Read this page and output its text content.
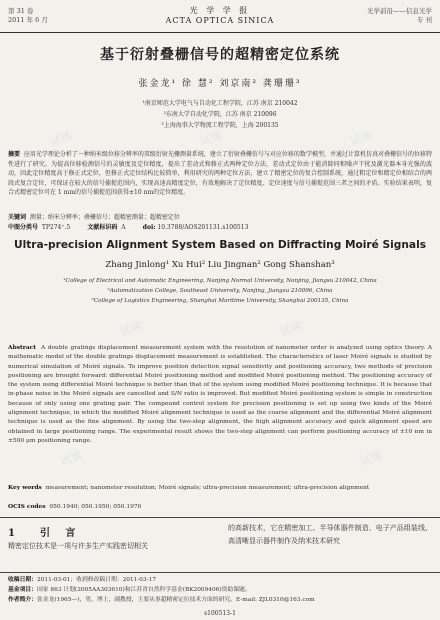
第 31 卷
2011 年 6 月
光 学 学 报
ACTA OPTICA SINICA
光学前沿——信息光学
专 刊
基于衍射叠栅信号的超精密定位系统
张金龙¹ 徐 慧² 刘京南² 龚珊珊³
¹南京师范大学电气与自动化工程学院，江苏 南京 210042
²东南大学自动化学院，江苏 南京 210096
³上海海事大学物流工程学院，上海 200135
摘要 应用光学理论分析了一种纳米级位移分辨率的双级衍射光栅测量系统，建立了衍射叠栅信号与对应位移的数学模型，并通过计算机仿真对叠栅信号的位移特性进行了研究。为提高位移检测信号的灵敏度及定位精度，提出了差动式和修正式两种定位方法，差动式定位由于能消除同相噪声干扰及激光器本身光强的波动，因此定位精度高于修正式定位，但修正式定位结构比较简单，利用研究的两种定位方法，建立了精密定位的复合控制系统，通过粗定位和精定位相结合的两段式复合定位，可保证在较大的信号捕捉范围内，实现高速高精度定位，有效地解决了定位精度、定位速度与信号捕捉范围三者之间的矛盾。实验结果表明，复合式精密定位可在 1 mm的信号捕捉范围获得±10 nm的定位精度。
关键词 测量；纳米分辨率；叠栅信号；超精密测量；超精密定位
中图分类号 TP274⁺.5	文献标识码 A	doi: 10.3788/AOS201131.s100513
Ultra-precision Alignment System Based on Diffracting Moiré Signals
Zhang Jinlong¹ Xu Hui² Liu Jingnan² Gong Shanshan³
¹College of Electrical and Automatic Engineering, Nanjing Normal University, Nanjing, Jiangsu 210042, China
²Automatization College, Southeast University, Nanjing, Jiangsu 210096, China
³College of Logistics Engineering, Shanghai Maritime University, Shanghai 200135, China
Abstract A double gratings displacement measurement system with the resolution of nanometer order is analyzed using optics theory. A mathematic model of the double gratings displacement measurement is established. The characteristics of laser Moiré signals is studied by numerical simulation of Moiré signals. To improve position detection signal sensitivity and positioning accuracy, two methods of precision positioning are brought forward: differential Moiré positioning method and modified Moiré positioning method. The positioning accuracy of the system using differential Moiré technique is better than that of the system using modified Moiré positioning technique. It is because that in-phase noise in the Moiré signals are cancelled and S/N ratio is improved. But modified Moiré positioning system is simple in construction because of only using one grating pair. The compound control system for precision positioning is set up using two kinds of the Moiré alignment technique, in which the modified Moiré alignment technique is used as the coarse alignment and the differential Moiré alignment technique is used as the fine alignment. By using the two-step alignment, the high alignment accuracy and quick alignment speed are obtained in large positioning range. The experimental result shows the two-step alignment can perform positioning accuracy of ±10 nm in ±500 μm positioning range.
Key words measurement; nanometer resolution; Moiré signals; ultra-precision measurement; ultra-precision alignment
OCIS codes 050.1940; 050.1950; 050.1970
1 引 言
精密定位技术是一项与许多生产实践密切相关
的高新技术，它在精密加工、半导体器件制造、电子产品组装线、高清晰显示器件制作及纳米技术研究
收稿日期：2011-03-01；收到修改稿日期：2011-03-17
基金项目：国家 863 计划(2005AA303610)和江苏省自然科学基金(BK2009406)资助课题。
作者简介：张金龙(1965—)，男，博士，副教授，主要从事超精密定位技术方面的研究。E-mail: ZJL0310@163.com
s100513-1
试读	试读	试读
试读	试读
试读	试读
